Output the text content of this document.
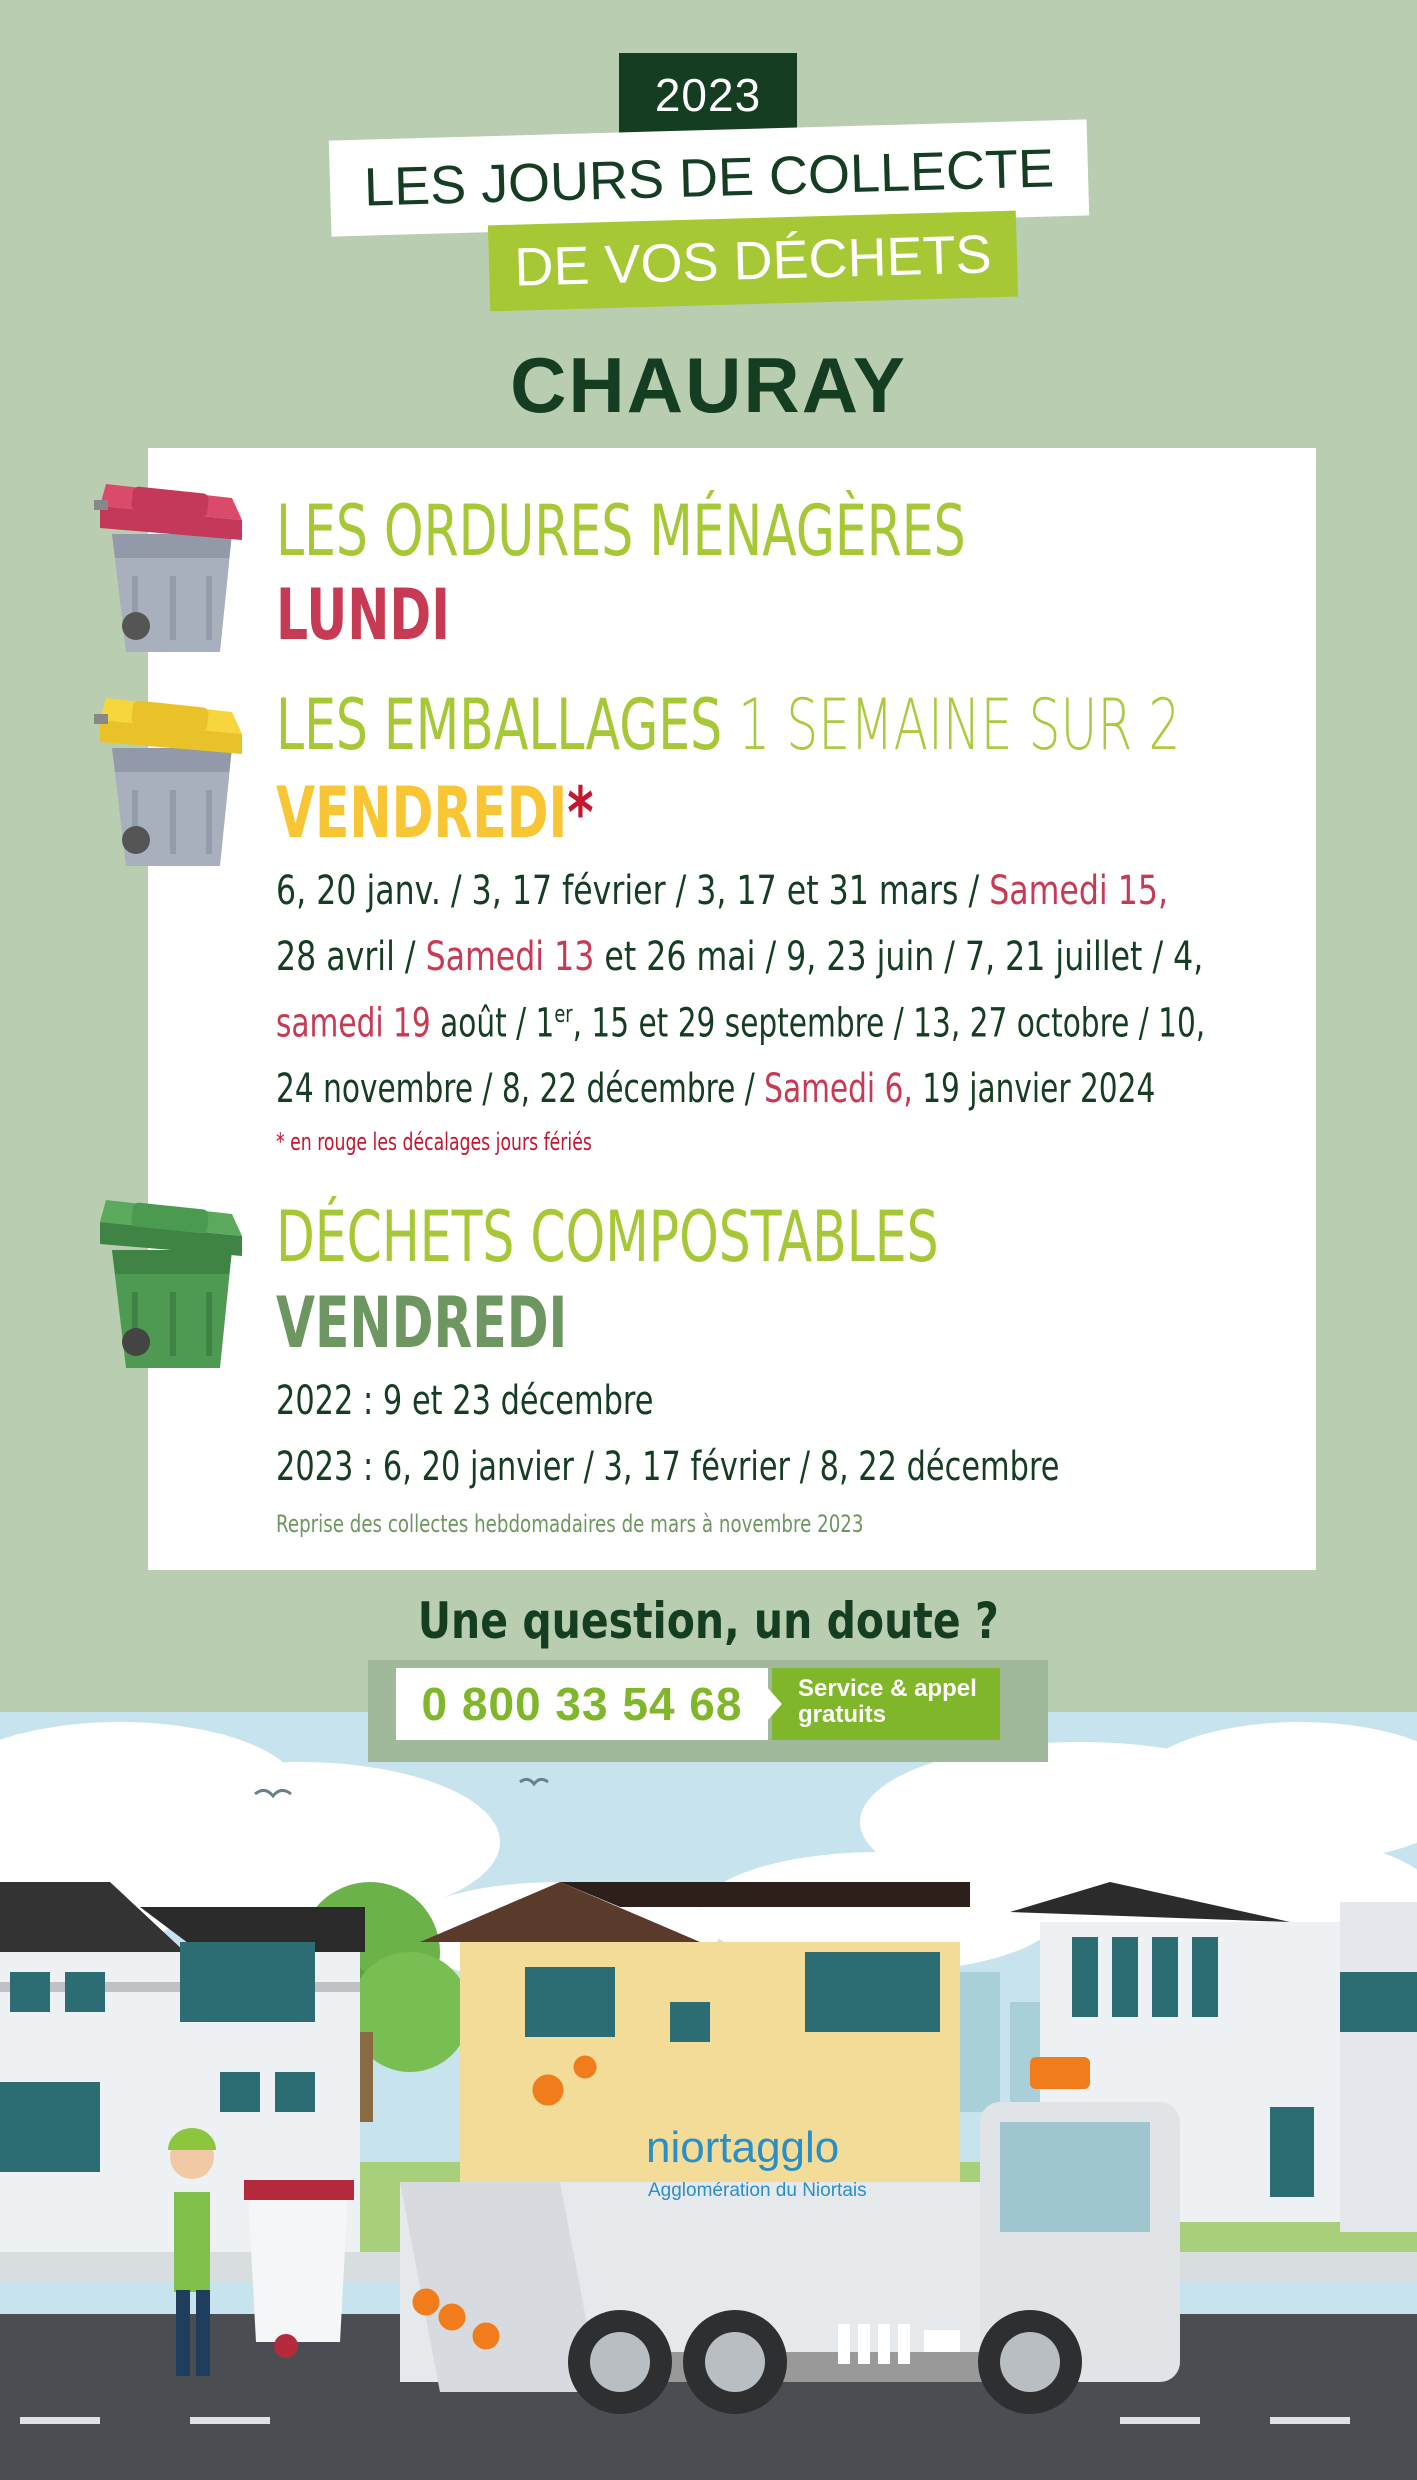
2023
LES JOURS DE COLLECTE
DE VOS DÉCHETS
CHAURAY
LES ORDURES MÉNAGÈRES
LUNDI
LES EMBALLAGES 1 SEMAINE SUR 2
VENDREDI*
6, 20 janv. / 3, 17 février / 3, 17 et 31 mars / Samedi 15,
28 avril / Samedi 13 et 26 mai / 9, 23 juin / 7, 21 juillet / 4,
samedi 19 août / 1er, 15 et 29 septembre / 13, 27 octobre / 10,
24 novembre / 8, 22 décembre / Samedi 6, 19 janvier 2024
* en rouge les décalages jours fériés
DÉCHETS COMPOSTABLES
VENDREDI
2022 : 9 et 23 décembre
2023 : 6, 20 janvier / 3, 17 février / 8, 22 décembre
Reprise des collectes hebdomadaires de mars à novembre 2023
Une question, un doute ?
niortagglo
Agglomération du Niortais
0 800 33 54 68	Service & appel
gratuits
